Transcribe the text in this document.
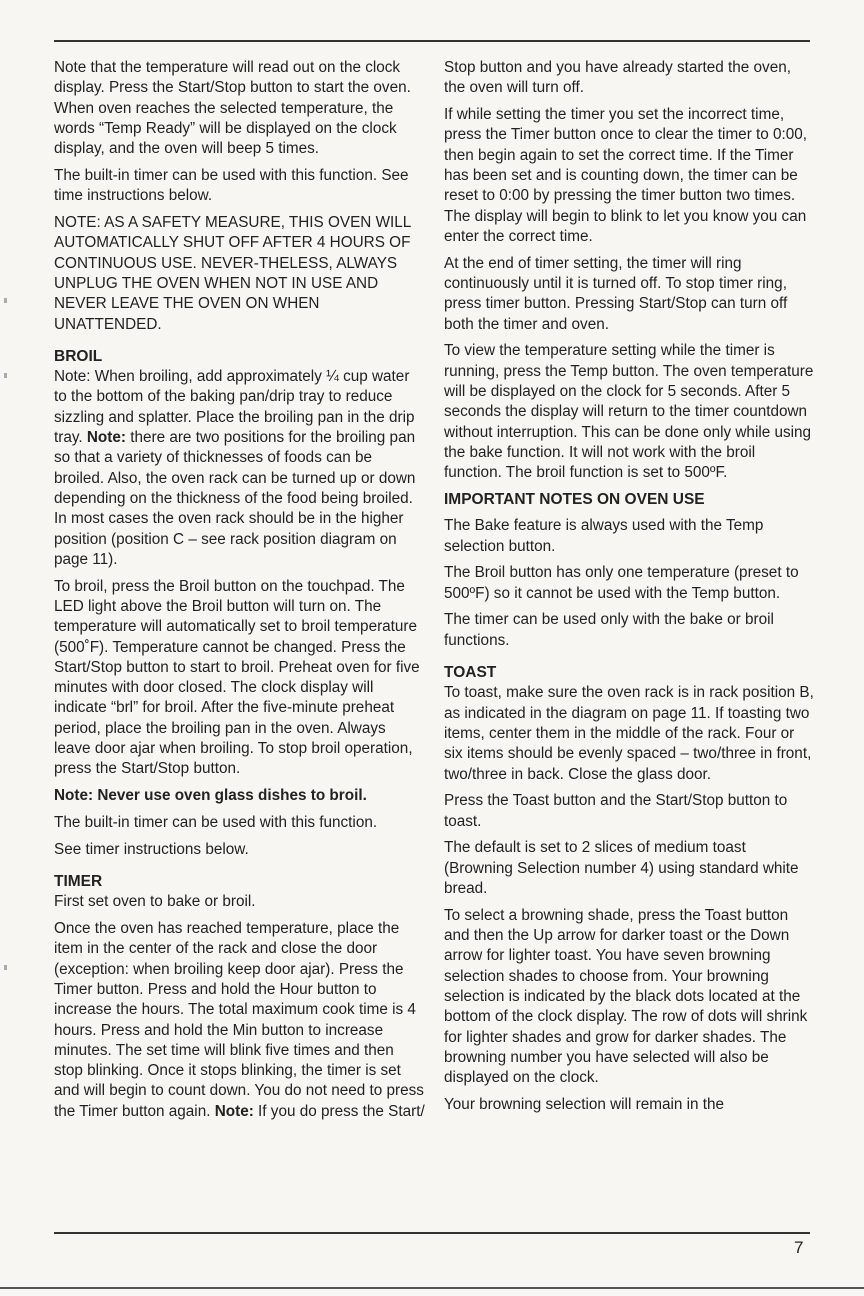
Note that the temperature will read out on the clock display. Press the Start/Stop button to start the oven. When oven reaches the selected temperature, the words “Temp Ready” will be displayed on the clock display, and the oven will beep 5 times.

The built-in timer can be used with this function. See time instructions below.

NOTE: AS A SAFETY MEASURE, THIS OVEN WILL AUTOMATICALLY SHUT OFF AFTER 4 HOURS OF CONTINUOUS USE. NEVER-THELESS, ALWAYS UNPLUG THE OVEN WHEN NOT IN USE AND NEVER LEAVE THE OVEN ON WHEN UNATTENDED.

BROIL

Note: When broiling, add approximately ¼ cup water to the bottom of the baking pan/drip tray to reduce sizzling and splatter. Place the broiling pan in the drip tray. Note: there are two positions for the broiling pan so that a variety of thicknesses of foods can be broiled. Also, the oven rack can be turned up or down depending on the thickness of the food being broiled. In most cases the oven rack should be in the higher position (position C – see rack position diagram on page 11).

To broil, press the Broil button on the touchpad. The LED light above the Broil button will turn on. The temperature will automatically set to broil temperature (500˚F). Temperature cannot be changed. Press the Start/Stop button to start to broil. Preheat oven for five minutes with door closed. The clock display will indicate “brl” for broil. After the five-minute preheat period, place the broiling pan in the oven. Always leave door ajar when broiling. To stop broil operation, press the Start/Stop button.

Note: Never use oven glass dishes to broil.

The built-in timer can be used with this function.

See timer instructions below.

TIMER

First set oven to bake or broil.

Once the oven has reached temperature, place the item in the center of the rack and close the door (exception: when broiling keep door ajar). Press the Timer button. Press and hold the Hour button to increase the hours. The total maximum cook time is 4 hours. Press and hold the Min button to increase minutes. The set time will blink five times and then stop blinking. Once it stops blinking, the timer is set and will begin to count down. You do not need to press the Timer button again. Note: If you do press the Start/

Stop button and you have already started the oven, the oven will turn off.

If while setting the timer you set the incorrect time, press the Timer button once to clear the timer to 0:00, then begin again to set the correct time. If the Timer has been set and is counting down, the timer can be reset to 0:00 by pressing the timer button two times. The display will begin to blink to let you know you can enter the correct time.

At the end of timer setting, the timer will ring continuously until it is turned off. To stop timer ring, press timer button. Pressing Start/Stop can turn off both the timer and oven.

To view the temperature setting while the timer is running, press the Temp button. The oven temperature will be displayed on the clock for 5 seconds. After 5 seconds the display will return to the timer countdown without interruption. This can be done only while using the bake function. It will not work with the broil function. The broil function is set to 500ºF.

IMPORTANT NOTES ON OVEN USE

The Bake feature is always used with the Temp selection button.

The Broil button has only one temperature (preset to 500ºF) so it cannot be used with the Temp button.

The timer can be used only with the bake or broil functions.

TOAST

To toast, make sure the oven rack is in rack position B, as indicated in the diagram on page 11. If toasting two items, center them in the middle of the rack. Four or six items should be evenly spaced – two/three in front, two/three in back. Close the glass door.

Press the Toast button and the Start/Stop button to toast.

The default is set to 2 slices of medium toast (Browning Selection number 4) using standard white bread.

To select a browning shade, press the Toast button and then the Up arrow for darker toast or the Down arrow for lighter toast. You have seven browning selection shades to choose from. Your browning selection is indicated by the black dots located at the bottom of the clock display. The row of dots will shrink for lighter shades and grow for darker shades. The browning number you have selected will also be displayed on the clock.

Your browning selection will remain in the

7
